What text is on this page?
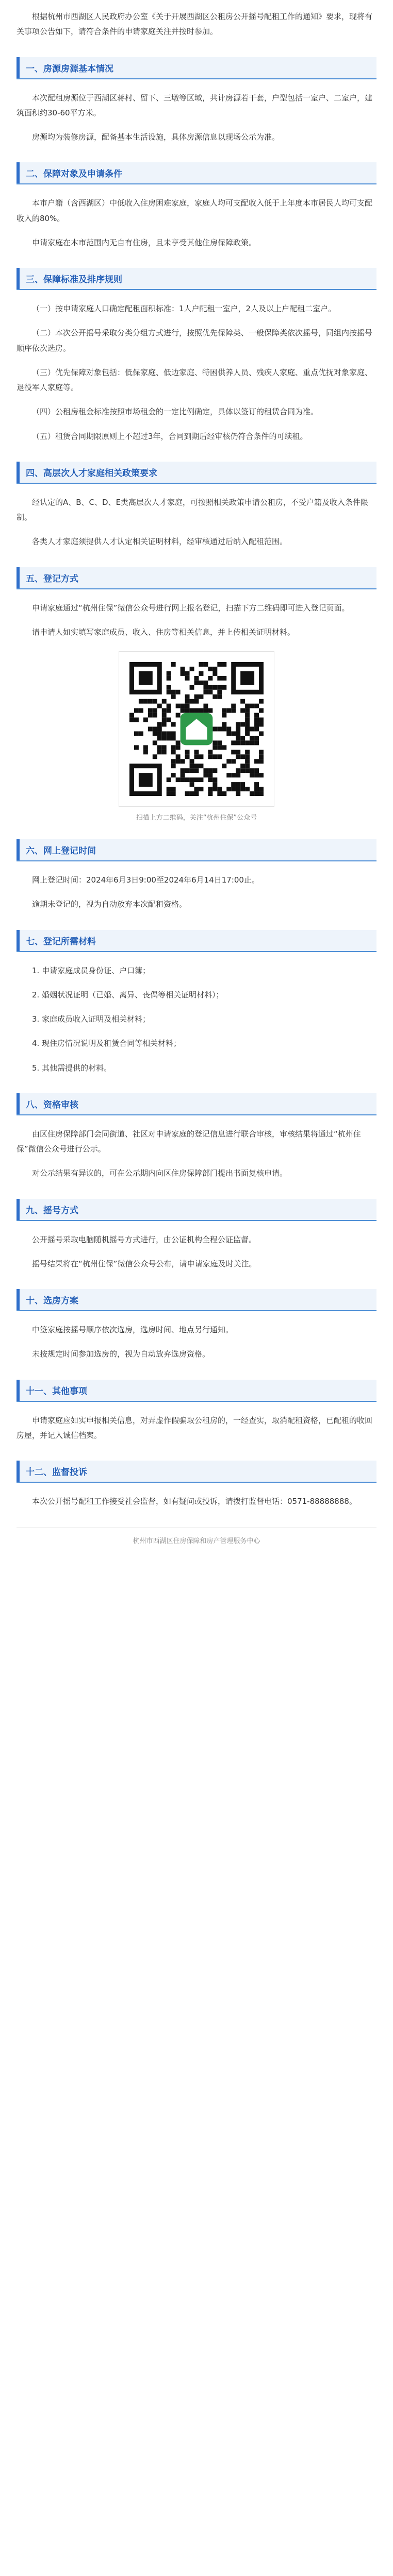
根据杭州市西湖区人民政府办公室《关于开展西湖区公租房公开摇号配租工作的通知》要求，现将有关事项公告如下，请符合条件的申请家庭关注并按时参加。

一、房源房源基本情况

本次配租房源位于西湖区蒋村、留下、三墩等区域，共计房源若干套，户型包括一室户、二室户，建筑面积约30-60平方米。

房源均为装修房源，配备基本生活设施，具体房源信息以现场公示为准。

二、保障对象及申请条件

本市户籍（含西湖区）中低收入住房困难家庭，家庭人均可支配收入低于上年度本市居民人均可支配收入的80%。

申请家庭在本市范围内无自有住房，且未享受其他住房保障政策。

三、保障标准及排序规则

（一）按申请家庭人口确定配租面积标准：1人户配租一室户，2人及以上户配租二室户。

（二）本次公开摇号采取分类分组方式进行，按照优先保障类、一般保障类依次摇号，同组内按摇号顺序依次选房。

（三）优先保障对象包括：低保家庭、低边家庭、特困供养人员、残疾人家庭、重点优抚对象家庭、退役军人家庭等。

（四）公租房租金标准按照市场租金的一定比例确定，具体以签订的租赁合同为准。

（五）租赁合同期限原则上不超过3年，合同到期后经审核仍符合条件的可续租。

四、高层次人才家庭相关政策要求

经认定的A、B、C、D、E类高层次人才家庭，可按照相关政策申请公租房，不受户籍及收入条件限制。

各类人才家庭须提供人才认定相关证明材料，经审核通过后纳入配租范围。

五、登记方式

申请家庭通过“杭州住保”微信公众号进行网上报名登记，扫描下方二维码即可进入登记页面。

请申请人如实填写家庭成员、收入、住房等相关信息，并上传相关证明材料。

扫描上方二维码，关注“杭州住保”公众号
六、网上登记时间

网上登记时间：2024年6月3日9:00至2024年6月14日17:00止。

逾期未登记的，视为自动放弃本次配租资格。

七、登记所需材料

1. 申请家庭成员身份证、户口簿；

2. 婚姻状况证明（已婚、离异、丧偶等相关证明材料）；

3. 家庭成员收入证明及相关材料；

4. 现住房情况说明及租赁合同等相关材料；

5. 其他需提供的材料。

八、资格审核

由区住房保障部门会同街道、社区对申请家庭的登记信息进行联合审核，审核结果将通过“杭州住保”微信公众号进行公示。

对公示结果有异议的，可在公示期内向区住房保障部门提出书面复核申请。

九、摇号方式

公开摇号采取电脑随机摇号方式进行，由公证机构全程公证监督。

摇号结果将在“杭州住保”微信公众号公布，请申请家庭及时关注。

十、选房方案

中签家庭按摇号顺序依次选房，选房时间、地点另行通知。

未按规定时间参加选房的，视为自动放弃选房资格。

十一、其他事项

申请家庭应如实申报相关信息，对弄虚作假骗取公租房的，一经查实，取消配租资格，已配租的收回房屋，并记入诚信档案。

十二、监督投诉

本次公开摇号配租工作接受社会监督，如有疑问或投诉，请拨打监督电话：0571-88888888。

杭州市西湖区住房保障和房产管理服务中心
